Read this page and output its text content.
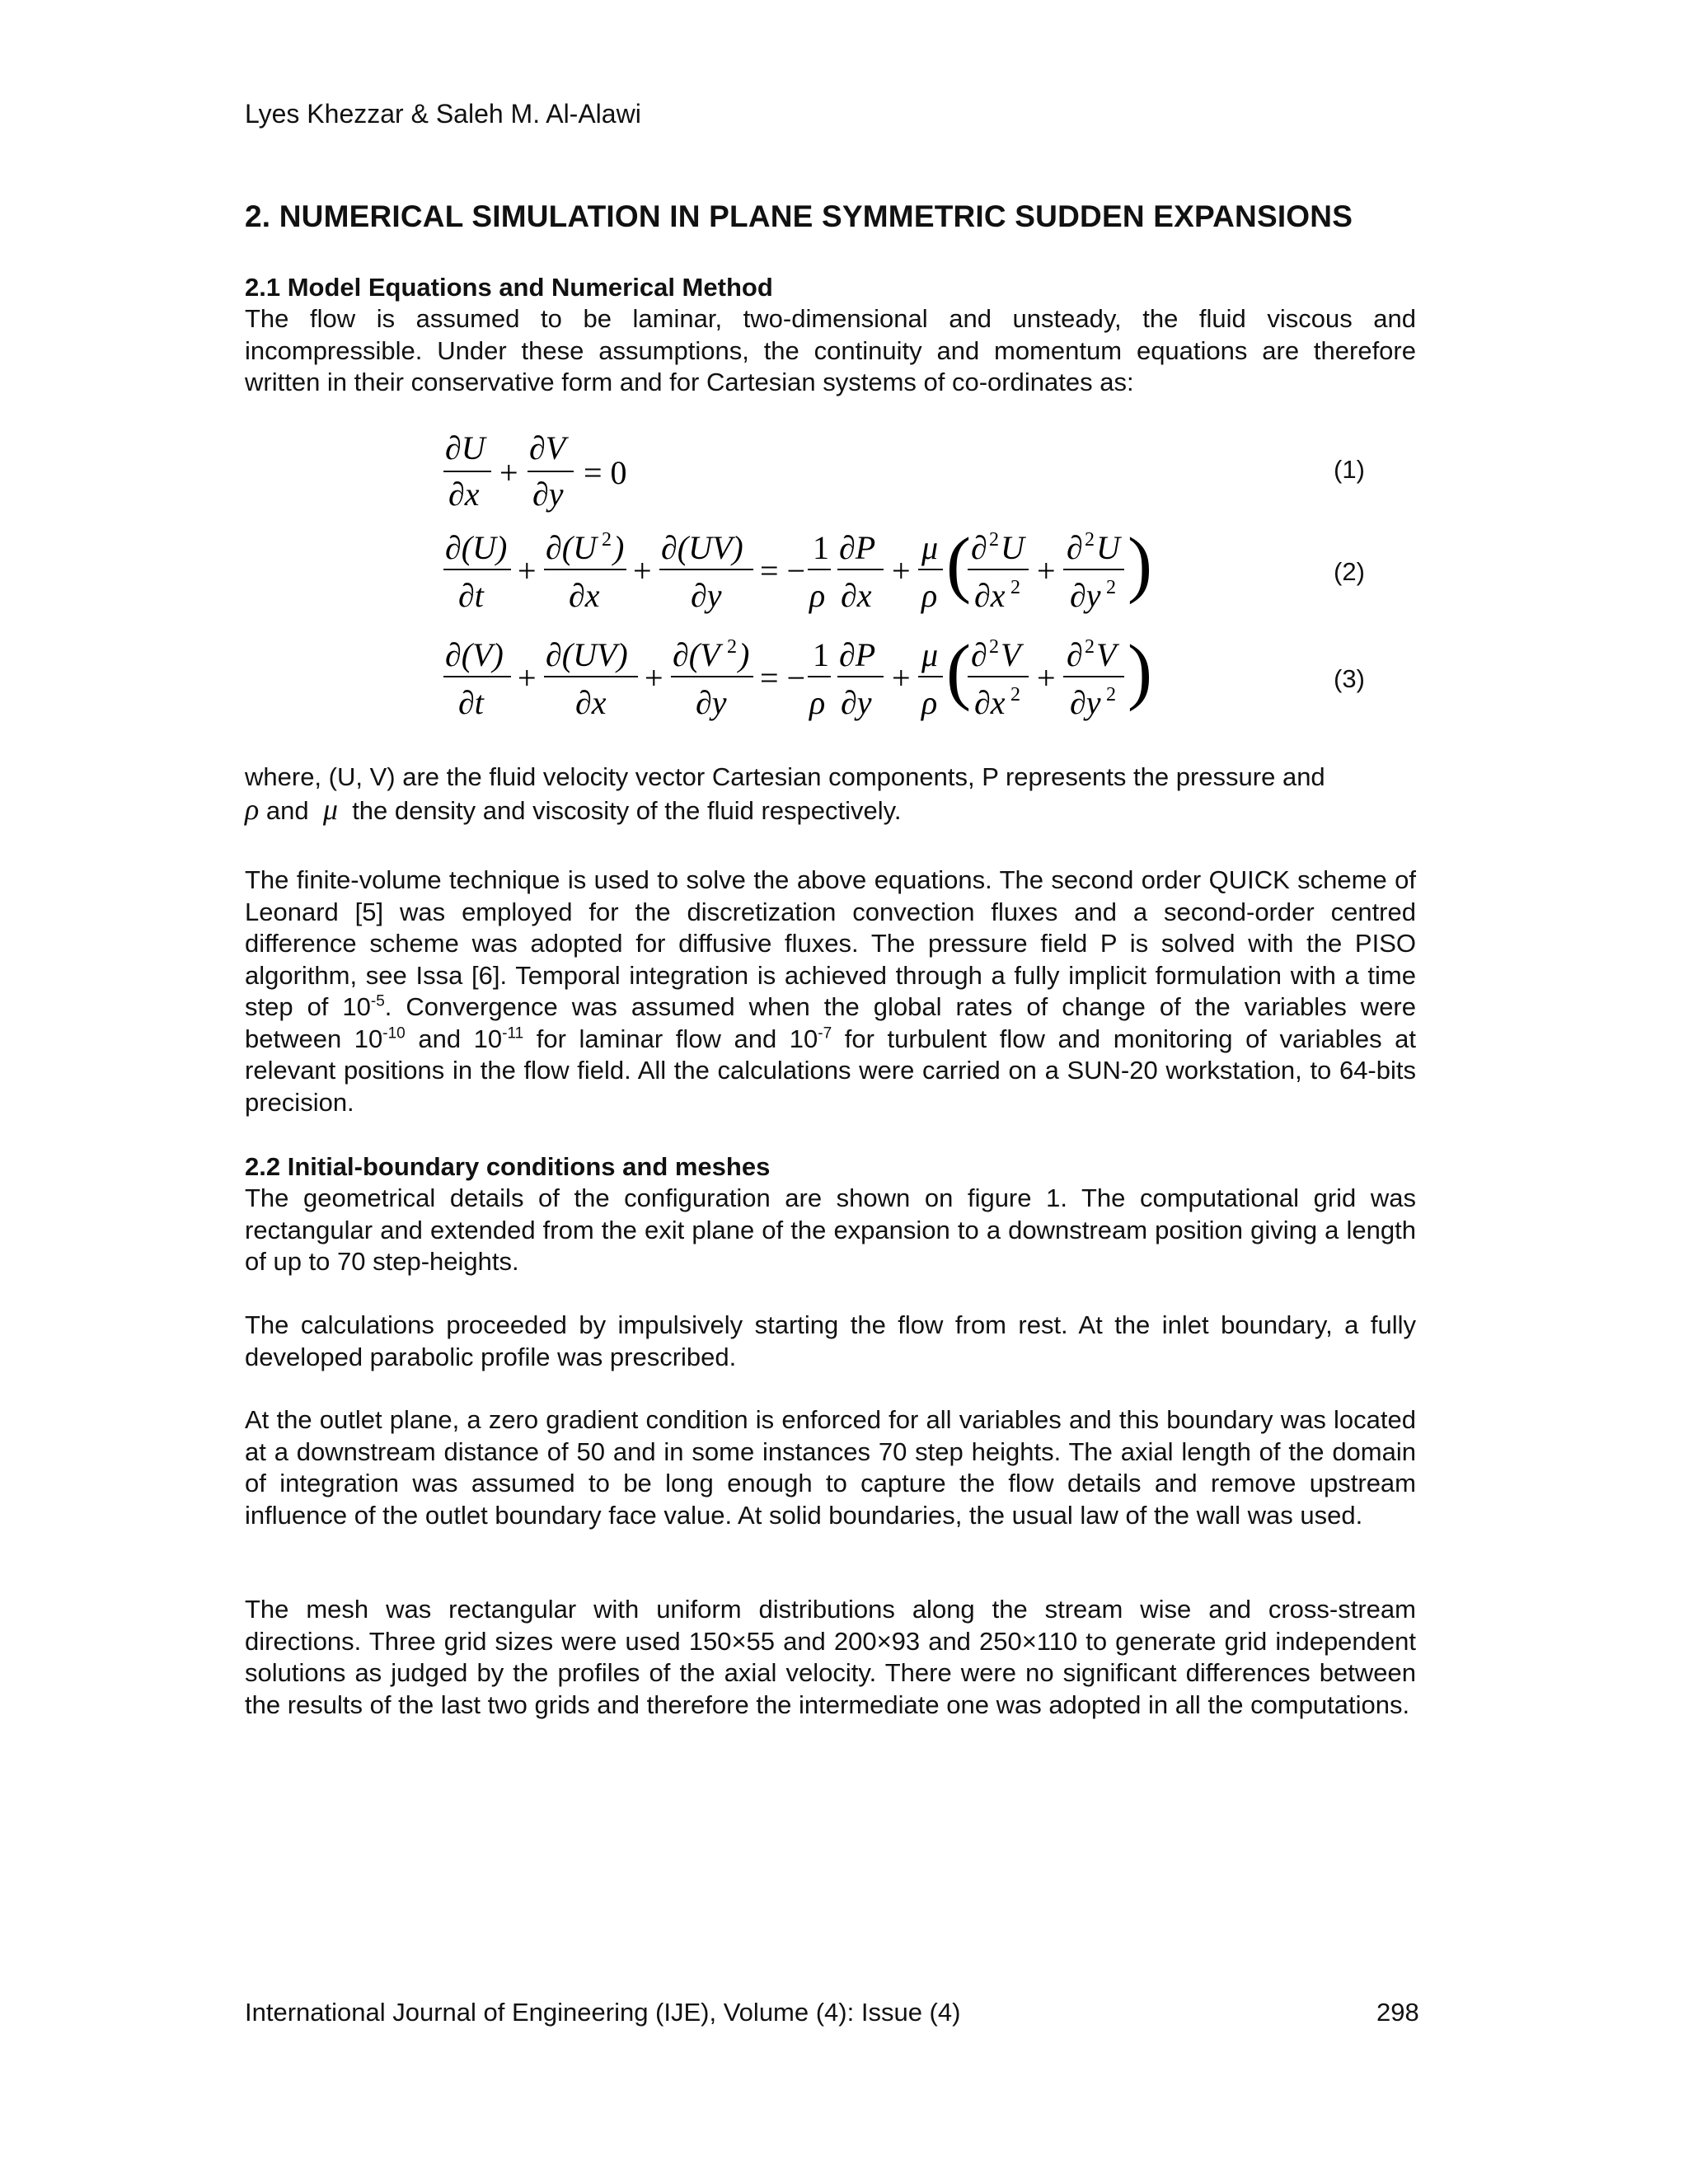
Lyes Khezzar & Saleh M. Al-Alawi
2. NUMERICAL SIMULATION IN PLANE SYMMETRIC SUDDEN EXPANSIONS
2.1 Model Equations and Numerical Method
The flow is assumed to be laminar, two-dimensional and unsteady, the fluid viscous and incompressible. Under these assumptions, the continuity and momentum equations are therefore written in their conservative form and for Cartesian systems of co-ordinates as:
∂U
∂x
+
∂V
∂y
= 0	(1)
∂(U)
∂t
+
∂(U 2 )
∂x
+
∂(UV)
∂y
= −
1
ρ
∂P
∂x
+
μ
ρ ( ∂ 2 U
∂x 2 +
∂ 2 U
∂y 2 )	(2)
∂(V)
∂t
+
∂(UV)
∂x
+
∂(V 2 )
∂y
= −
1
ρ
∂P
∂y
+
μ
ρ ( ∂ 2 V
∂x 2 +
∂ 2 V
∂y 2 )	(3)
where, (U, V) are the fluid velocity vector Cartesian components, P represents the pressure and
ρ and μ the density and viscosity of the fluid respectively.
The finite-volume technique is used to solve the above equations. The second order QUICK scheme of Leonard [5] was employed for the discretization convection fluxes and a second-order centred difference scheme was adopted for diffusive fluxes. The pressure field P is solved with the PISO algorithm, see Issa [6]. Temporal integration is achieved through a fully implicit formulation with a time step of $10^{-5}$. Convergence was assumed when the global rates of change of the variables were between $10^{-10}$ and $10^{-11}$ for laminar flow and $10^{-7}$ for turbulent flow and monitoring of variables at relevant positions in the flow field. All the calculations were carried on a SUN-20 workstation, to 64-bits precision.
2.2 Initial-boundary conditions and meshes
The geometrical details of the configuration are shown on figure 1. The computational grid was rectangular and extended from the exit plane of the expansion to a downstream position giving a length of up to 70 step-heights.
The calculations proceeded by impulsively starting the flow from rest. At the inlet boundary, a fully developed parabolic profile was prescribed.
At the outlet plane, a zero gradient condition is enforced for all variables and this boundary was located at a downstream distance of 50 and in some instances 70 step heights. The axial length of the domain of integration was assumed to be long enough to capture the flow details and remove upstream influence of the outlet boundary face value. At solid boundaries, the usual law of the wall was used.
The mesh was rectangular with uniform distributions along the stream wise and cross-stream directions. Three grid sizes were used 150×55 and 200×93 and 250×110 to generate grid independent solutions as judged by the profiles of the axial velocity. There were no significant differences between the results of the last two grids and therefore the intermediate one was adopted in all the computations.
International Journal of Engineering (IJE), Volume (4): Issue (4)	298
